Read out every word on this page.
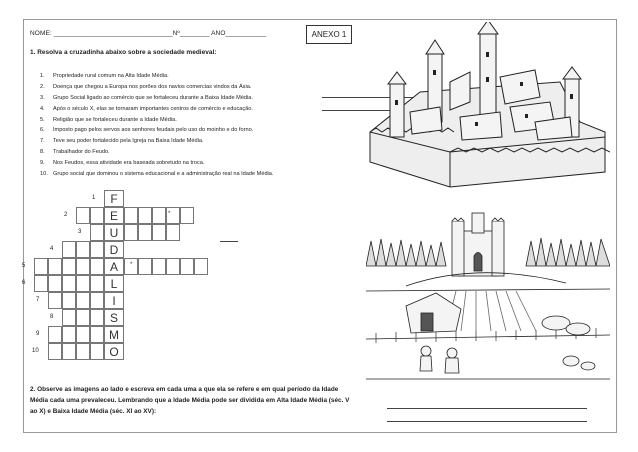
NOME: ________________________________Nº________ ANO___________	ANEXO 1
1. Resolva a cruzadinha abaixo sobre a sociedade medieval:
1. Propriedade rural comum na Alta Idade Média.
2. Doença que chegou a Europa nos porões dos navios comercias vindos da Ásia.
3. Grupo Social ligado ao comércio que se fortaleceu durante a Baixa Idade Média.
4. Após o século X, elas se tornaram importantes centros de comércio e educação.
5. Religião que se fortaleceu durante a Idade Média.
6. Imposto pago pelos servos aos senhores feudais pelo uso do moinho e do forno.
7. Teve seu poder fortalecido pela Igreja na Baixa Idade Média.
8. Trabalhador do Feudo.
9. Nos Feudos, essa atividade era baseada sobretudo na troca.
10. Grupo social que dominou o sistema educacional e a administração real na Idade Média.
1	F
2	E
3	U
4	D
5	A
6	L
7	I
8	S
9	M
10	O
*
*
2. Observe as imagens ao lado e escreva em cada uma a que ela se refere e em qual período da Idade Média cada uma prevaleceu. Lembrando que a Idade Média pode ser dividida em Alta Idade Média (séc. V ao X) e Baixa Idade Média (séc. XI ao XV):
